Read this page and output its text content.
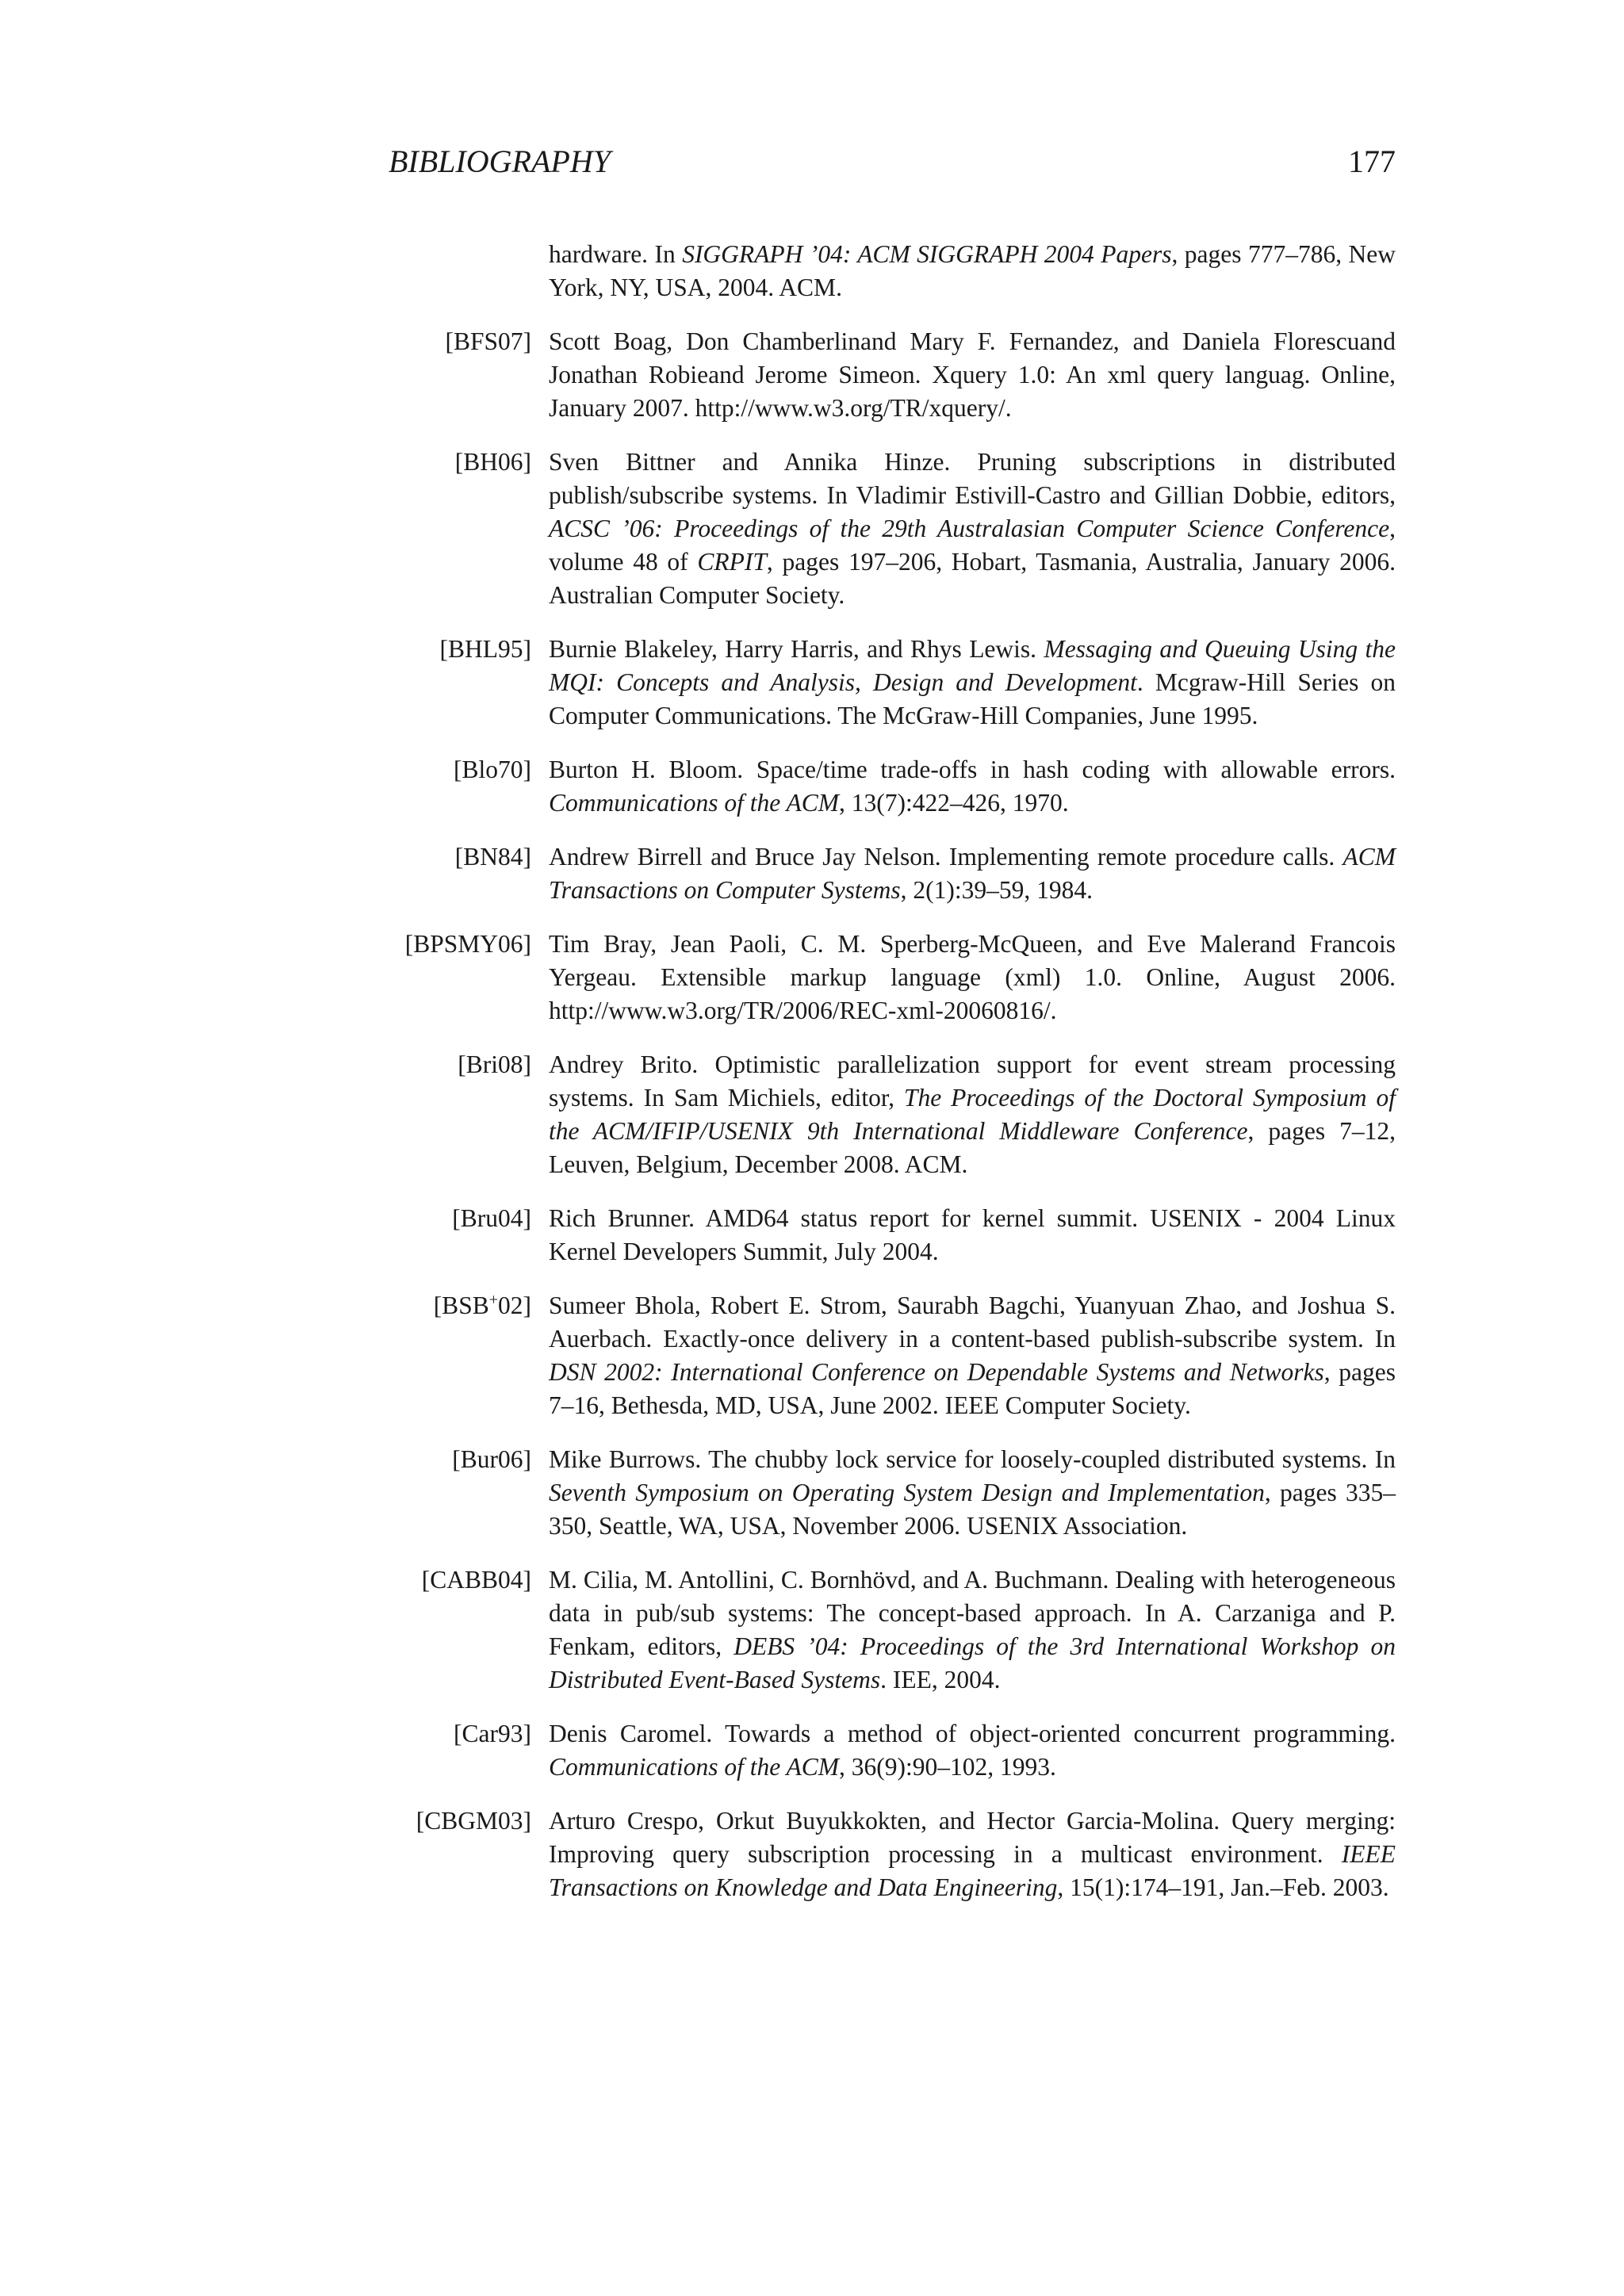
BIBLIOGRAPHY	177
hardware. In SIGGRAPH ’04: ACM SIGGRAPH 2004 Papers, pages 777–786, New York, NY, USA, 2004. ACM.
[BFS07] Scott Boag, Don Chamberlinand Mary F. Fernandez, and Daniela Florescuand Jonathan Robieand Jerome Simeon. Xquery 1.0: An xml query languag. Online, January 2007. http://www.w3.org/TR/xquery/.
[BH06] Sven Bittner and Annika Hinze. Pruning subscriptions in distributed publish/subscribe systems. In Vladimir Estivill-Castro and Gillian Dobbie, editors, ACSC ’06: Proceedings of the 29th Australasian Computer Science Conference, volume 48 of CRPIT, pages 197–206, Hobart, Tasmania, Australia, January 2006. Australian Computer Society.
[BHL95] Burnie Blakeley, Harry Harris, and Rhys Lewis. Messaging and Queuing Using the MQI: Concepts and Analysis, Design and Development. Mcgraw-Hill Series on Computer Communications. The McGraw-Hill Companies, June 1995.
[Blo70] Burton H. Bloom. Space/time trade-offs in hash coding with allowable errors. Communications of the ACM, 13(7):422–426, 1970.
[BN84] Andrew Birrell and Bruce Jay Nelson. Implementing remote procedure calls. ACM Transactions on Computer Systems, 2(1):39–59, 1984.
[BPSMY06] Tim Bray, Jean Paoli, C. M. Sperberg-McQueen, and Eve Malerand Francois Yergeau. Extensible markup language (xml) 1.0. Online, August 2006. http://www.w3.org/TR/2006/REC-xml-20060816/.
[Bri08] Andrey Brito. Optimistic parallelization support for event stream processing systems. In Sam Michiels, editor, The Proceedings of the Doctoral Symposium of the ACM/IFIP/USENIX 9th International Middleware Conference, pages 7–12, Leuven, Belgium, December 2008. ACM.
[Bru04] Rich Brunner. AMD64 status report for kernel summit. USENIX - 2004 Linux Kernel Developers Summit, July 2004.
[BSB+02] Sumeer Bhola, Robert E. Strom, Saurabh Bagchi, Yuanyuan Zhao, and Joshua S. Auerbach. Exactly-once delivery in a content-based publish-subscribe system. In DSN 2002: International Conference on Dependable Systems and Networks, pages 7–16, Bethesda, MD, USA, June 2002. IEEE Computer Society.
[Bur06] Mike Burrows. The chubby lock service for loosely-coupled distributed systems. In Seventh Symposium on Operating System Design and Implementation, pages 335–350, Seattle, WA, USA, November 2006. USENIX Association.
[CABB04] M. Cilia, M. Antollini, C. Bornhövd, and A. Buchmann. Dealing with heterogeneous data in pub/sub systems: The concept-based approach. In A. Carzaniga and P. Fenkam, editors, DEBS ’04: Proceedings of the 3rd International Workshop on Distributed Event-Based Systems. IEE, 2004.
[Car93] Denis Caromel. Towards a method of object-oriented concurrent programming. Communications of the ACM, 36(9):90–102, 1993.
[CBGM03] Arturo Crespo, Orkut Buyukkokten, and Hector Garcia-Molina. Query merging: Improving query subscription processing in a multicast environment. IEEE Transactions on Knowledge and Data Engineering, 15(1):174–191, Jan.–Feb. 2003.
